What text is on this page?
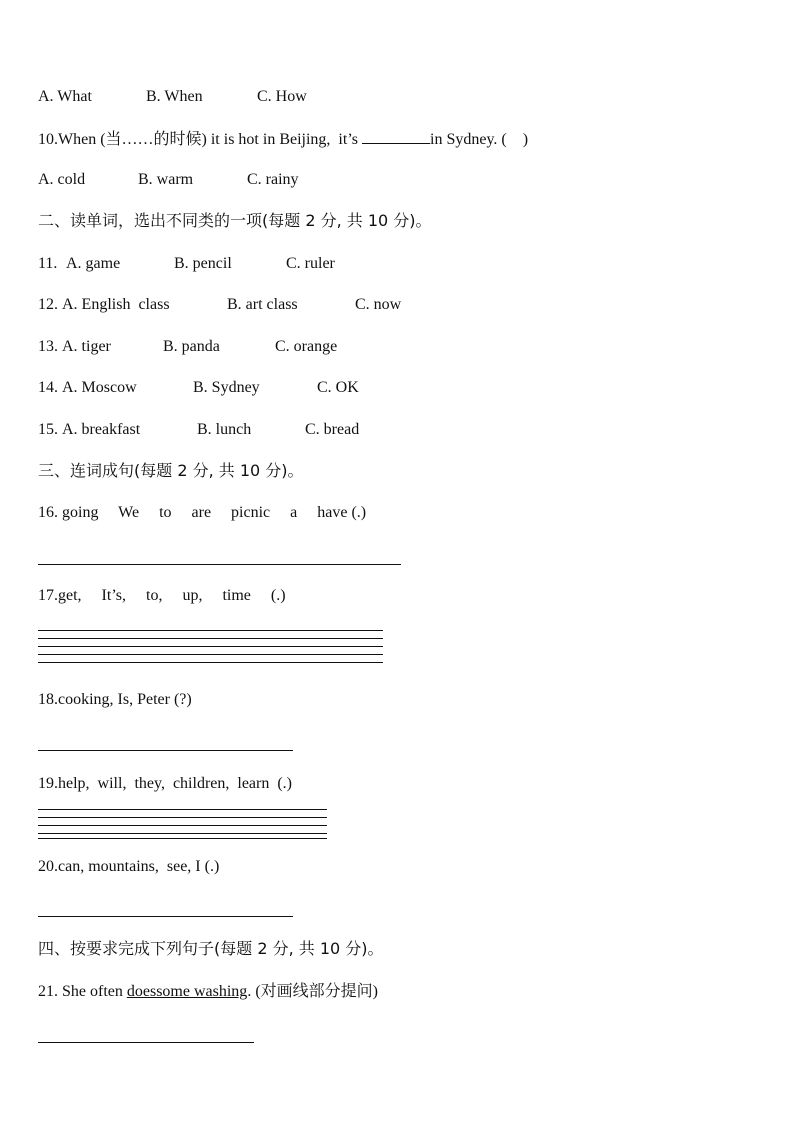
A. What	B. When	C. How
10.When (当……的时候) it is hot in Beijing,  it’s	in Sydney. (    )
A. cold	B. warm	C. rainy
二、读单词，选出不同类的一项(每题 2 分, 共 10 分)。
11. A. game	B. pencil	C. ruler
12. A. English  class	B. art class	C. now
13. A. tiger	B. panda	C. orange
14. A. Moscow	B. Sydney	C. OK
15. A. breakfast	B. lunch	C. bread
三、连词成句(每题 2 分, 共 10 分)。
16. going     We     to     are     picnic     a     have (.)
17.get,     It’s,     to,     up,     time     (.)
18.cooking, Is, Peter (?)
19.help,  will,  they,  children,  learn  (.)
20.can, mountains,  see, I (.)
四、按要求完成下列句子(每题 2 分, 共 10 分)。
21. She often doessome washing. (对画线部分提问)
